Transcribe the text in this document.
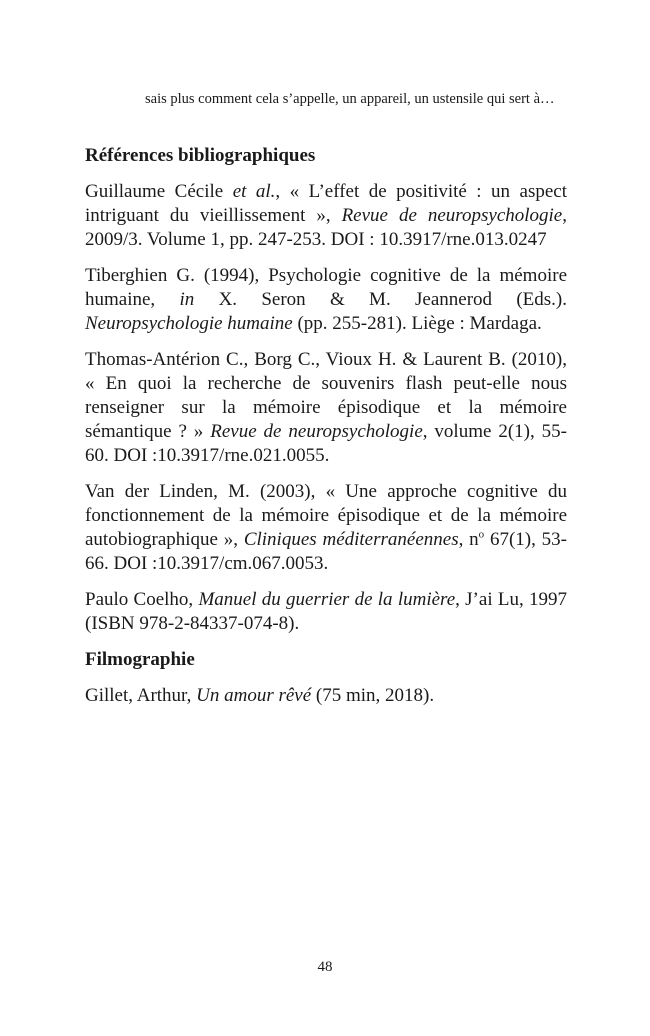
sais plus comment cela s’appelle, un appareil, un ustensile qui sert à…
Références bibliographiques

Guillaume Cécile et al., « L’effet de positivité : un aspect intriguant du vieillissement », Revue de neuropsychologie, 2009/3. Volume 1, pp. 247-253. DOI : 10.3917/rne.013.0247

Tiberghien G. (1994), Psychologie cognitive de la mémoire humaine, in X. Seron & M. Jeannerod (Eds.). Neuropsychologie humaine (pp. 255-281). Liège : Mardaga.

Thomas-Antérion C., Borg C., Vioux H. & Laurent B. (2010), « En quoi la recherche de souvenirs flash peut-elle nous renseigner sur la mémoire épisodique et la mémoire sémantique ? » Revue de neuropsychologie, volume 2(1), 55-60. DOI :10.3917/rne.021.0055.

Van der Linden, M. (2003), « Une approche cognitive du fonctionnement de la mémoire épisodique et de la mémoire autobiographique », Cliniques méditerranéennes, $n^o$ 67(1), 53-66. DOI :10.3917/cm.067.0053.

Paulo Coelho, Manuel du guerrier de la lumière, J’ai Lu, 1997 (ISBN 978-2-84337-074-8).

Filmographie

Gillet, Arthur, Un amour rêvé (75 min, 2018).

48
